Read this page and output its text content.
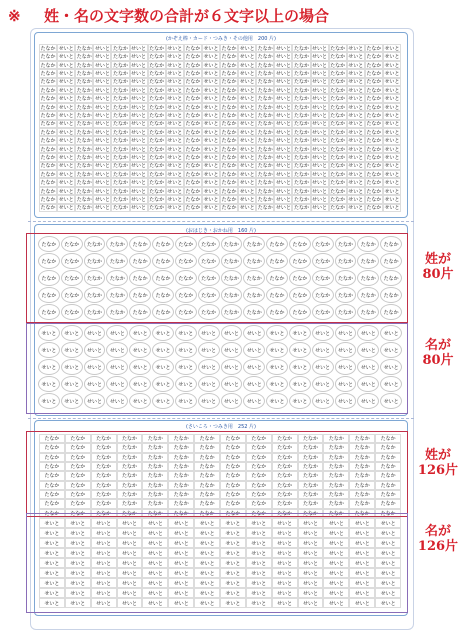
※ 姓・名の文字数の合計が６文字以上の場合
(かぞえ棒・カード・つみき・その他用　200 片)
たなか せいと たなか せいと たなか せいと たなか せいと たなか せいと たなか せいと たなか せいと たなか せいと たなか せいと たなか せいと
たなか せいと たなか せいと たなか せいと たなか せいと たなか せいと たなか せいと たなか せいと たなか せいと たなか せいと たなか せいと
たなか せいと たなか せいと たなか せいと たなか せいと たなか せいと たなか せいと たなか せいと たなか せいと たなか せいと たなか せいと
たなか せいと たなか せいと たなか せいと たなか せいと たなか せいと たなか せいと たなか せいと たなか せいと たなか せいと たなか せいと
たなか せいと たなか せいと たなか せいと たなか せいと たなか せいと たなか せいと たなか せいと たなか せいと たなか せいと たなか せいと
たなか せいと たなか せいと たなか せいと たなか せいと たなか せいと たなか せいと たなか せいと たなか せいと たなか せいと たなか せいと
たなか せいと たなか せいと たなか せいと たなか せいと たなか せいと たなか せいと たなか せいと たなか せいと たなか せいと たなか せいと
たなか せいと たなか せいと たなか せいと たなか せいと たなか せいと たなか せいと たなか せいと たなか せいと たなか せいと たなか せいと
たなか せいと たなか せいと たなか せいと たなか せいと たなか せいと たなか せいと たなか せいと たなか せいと たなか せいと たなか せいと
たなか せいと たなか せいと たなか せいと たなか せいと たなか せいと たなか せいと たなか せいと たなか せいと たなか せいと たなか せいと
たなか せいと たなか せいと たなか せいと たなか せいと たなか せいと たなか せいと たなか せいと たなか せいと たなか せいと たなか せいと
たなか せいと たなか せいと たなか せいと たなか せいと たなか せいと たなか せいと たなか せいと たなか せいと たなか せいと たなか せいと
たなか せいと たなか せいと たなか せいと たなか せいと たなか せいと たなか せいと たなか せいと たなか せいと たなか せいと たなか せいと
たなか せいと たなか せいと たなか せいと たなか せいと たなか せいと たなか せいと たなか せいと たなか せいと たなか せいと たなか せいと
たなか せいと たなか せいと たなか せいと たなか せいと たなか せいと たなか せいと たなか せいと たなか せいと たなか せいと たなか せいと
たなか せいと たなか せいと たなか せいと たなか せいと たなか せいと たなか せいと たなか せいと たなか せいと たなか せいと たなか せいと
たなか せいと たなか せいと たなか せいと たなか せいと たなか せいと たなか せいと たなか せいと たなか せいと たなか せいと たなか せいと
たなか せいと たなか せいと たなか せいと たなか せいと たなか せいと たなか せいと たなか せいと たなか せいと たなか せいと たなか せいと
たなか せいと たなか せいと たなか せいと たなか せいと たなか せいと たなか せいと たなか せいと たなか せいと たなか せいと たなか せいと
たなか せいと たなか せいと たなか せいと たなか せいと たなか せいと たなか せいと たなか せいと たなか せいと たなか せいと たなか せいと
(おはじき・おかね用　160 片)
たなか	たなか	たなか	たなか	たなか	たなか	たなか	たなか	たなか	たなか	たなか	たなか	たなか	たなか	たなか	たなか
たなか	たなか	たなか	たなか	たなか	たなか	たなか	たなか	たなか	たなか	たなか	たなか	たなか	たなか	たなか	たなか
たなか	たなか	たなか	たなか	たなか	たなか	たなか	たなか	たなか	たなか	たなか	たなか	たなか	たなか	たなか	たなか
たなか	たなか	たなか	たなか	たなか	たなか	たなか	たなか	たなか	たなか	たなか	たなか	たなか	たなか	たなか	たなか
たなか	たなか	たなか	たなか	たなか	たなか	たなか	たなか	たなか	たなか	たなか	たなか	たなか	たなか	たなか	たなか
せいと	せいと	せいと	せいと	せいと	せいと	せいと	せいと	せいと	せいと	せいと	せいと	せいと	せいと	せいと	せいと
せいと	せいと	せいと	せいと	せいと	せいと	せいと	せいと	せいと	せいと	せいと	せいと	せいと	せいと	せいと	せいと
せいと	せいと	せいと	せいと	せいと	せいと	せいと	せいと	せいと	せいと	せいと	せいと	せいと	せいと	せいと	せいと
せいと	せいと	せいと	せいと	せいと	せいと	せいと	せいと	せいと	せいと	せいと	せいと	せいと	せいと	せいと	せいと
せいと	せいと	せいと	せいと	せいと	せいと	せいと	せいと	せいと	せいと	せいと	せいと	せいと	せいと	せいと	せいと
(さいころ・つみき用　252 片)
たなか	たなか	たなか	たなか	たなか	たなか	たなか	たなか	たなか	たなか	たなか	たなか	たなか	たなか
たなか	たなか	たなか	たなか	たなか	たなか	たなか	たなか	たなか	たなか	たなか	たなか	たなか	たなか
たなか	たなか	たなか	たなか	たなか	たなか	たなか	たなか	たなか	たなか	たなか	たなか	たなか	たなか
たなか	たなか	たなか	たなか	たなか	たなか	たなか	たなか	たなか	たなか	たなか	たなか	たなか	たなか
たなか	たなか	たなか	たなか	たなか	たなか	たなか	たなか	たなか	たなか	たなか	たなか	たなか	たなか
たなか	たなか	たなか	たなか	たなか	たなか	たなか	たなか	たなか	たなか	たなか	たなか	たなか	たなか
たなか	たなか	たなか	たなか	たなか	たなか	たなか	たなか	たなか	たなか	たなか	たなか	たなか	たなか
たなか	たなか	たなか	たなか	たなか	たなか	たなか	たなか	たなか	たなか	たなか	たなか	たなか	たなか
たなか	たなか	たなか	たなか	たなか	たなか	たなか	たなか	たなか	たなか	たなか	たなか	たなか	たなか
せいと	せいと	せいと	せいと	せいと	せいと	せいと	せいと	せいと	せいと	せいと	せいと	せいと	せいと
せいと	せいと	せいと	せいと	せいと	せいと	せいと	せいと	せいと	せいと	せいと	せいと	せいと	せいと
せいと	せいと	せいと	せいと	せいと	せいと	せいと	せいと	せいと	せいと	せいと	せいと	せいと	せいと
せいと	せいと	せいと	せいと	せいと	せいと	せいと	せいと	せいと	せいと	せいと	せいと	せいと	せいと
せいと	せいと	せいと	せいと	せいと	せいと	せいと	せいと	せいと	せいと	せいと	せいと	せいと	せいと
せいと	せいと	せいと	せいと	せいと	せいと	せいと	せいと	せいと	せいと	せいと	せいと	せいと	せいと
せいと	せいと	せいと	せいと	せいと	せいと	せいと	せいと	せいと	せいと	せいと	せいと	せいと	せいと
せいと	せいと	せいと	せいと	せいと	せいと	せいと	せいと	せいと	せいと	せいと	せいと	せいと	せいと
せいと	せいと	せいと	せいと	せいと	せいと	せいと	せいと	せいと	せいと	せいと	せいと	せいと	せいと
姓が
80片
名が
80片
姓が
126片
名が
126片
